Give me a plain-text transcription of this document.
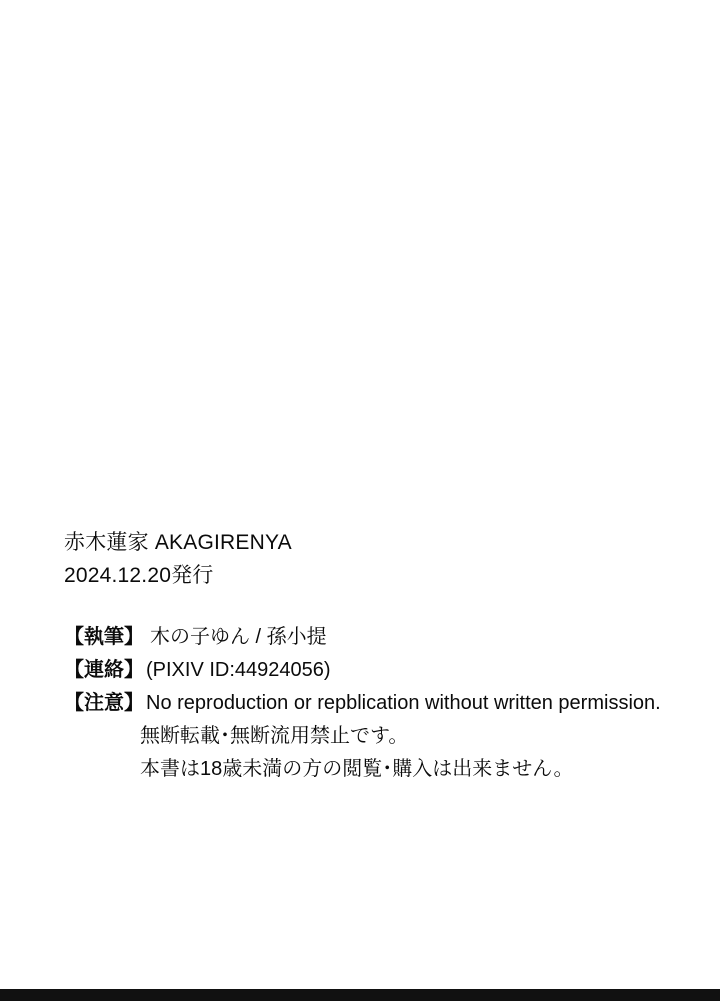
赤木蓮家 AKAGIRENYA
2024.12.20発行
【執筆】 木の子ゆん / 孫小提
【連絡】 (PIXIV ID:44924056)
【注意】 No reproduction or repblication without written permission.
無断転載･無断流用禁止です。
本書は18歳未満の方の閲覧･購入は出来ません。
